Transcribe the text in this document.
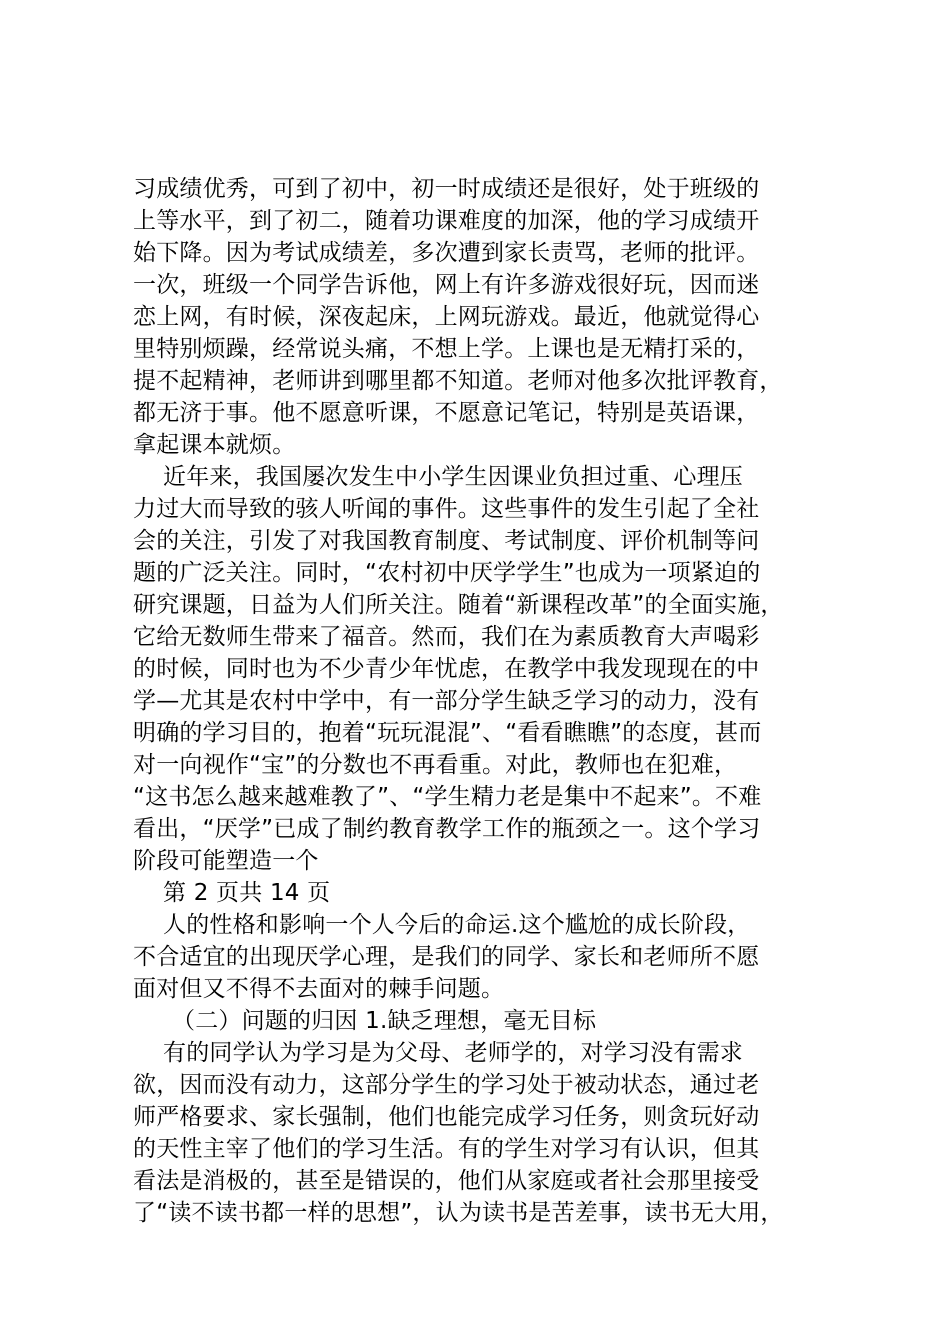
习成绩优秀，可到了初中，初一时成绩还是很好，处于班级的
上等水平，到了初二，随着功课难度的加深，他的学习成绩开
始下降。因为考试成绩差，多次遭到家长责骂，老师的批评。
一次，班级一个同学告诉他，网上有许多游戏很好玩，因而迷
恋上网，有时候，深夜起床，上网玩游戏。最近，他就觉得心
里特别烦躁，经常说头痛，不想上学。上课也是无精打采的，
提不起精神，老师讲到哪里都不知道。老师对他多次批评教育，
都无济于事。他不愿意听课，不愿意记笔记，特别是英语课，
拿起课本就烦。
近年来，我国屡次发生中小学生因课业负担过重、心理压
力过大而导致的骇人听闻的事件。这些事件的发生引起了全社
会的关注，引发了对我国教育制度、考试制度、评价机制等问
题的广泛关注。同时，“农村初中厌学学生”也成为一项紧迫的
研究课题，日益为人们所关注。随着“新课程改革”的全面实施，
它给无数师生带来了福音。然而，我们在为素质教育大声喝彩
的时候，同时也为不少青少年忧虑，在教学中我发现现在的中
学—尤其是农村中学中，有一部分学生缺乏学习的动力，没有
明确的学习目的，抱着“玩玩混混”、“看看瞧瞧”的态度，甚而
对一向视作“宝”的分数也不再看重。对此，教师也在犯难，
“这书怎么越来越难教了”、“学生精力老是集中不起来”。不难
看出，“厌学”已成了制约教育教学工作的瓶颈之一。这个学习
阶段可能塑造一个
第 2 页共 14 页
人的性格和影响一个人今后的命运.这个尴尬的成长阶段，
不合适宜的出现厌学心理，是我们的同学、家长和老师所不愿
面对但又不得不去面对的棘手问题。
（二）问题的归因 1.缺乏理想，毫无目标
有的同学认为学习是为父母、老师学的，对学习没有需求
欲，因而没有动力，这部分学生的学习处于被动状态，通过老
师严格要求、家长强制，他们也能完成学习任务，则贪玩好动
的天性主宰了他们的学习生活。有的学生对学习有认识，但其
看法是消极的，甚至是错误的，他们从家庭或者社会那里接受
了“读不读书都一样的思想”，认为读书是苦差事，读书无大用，
